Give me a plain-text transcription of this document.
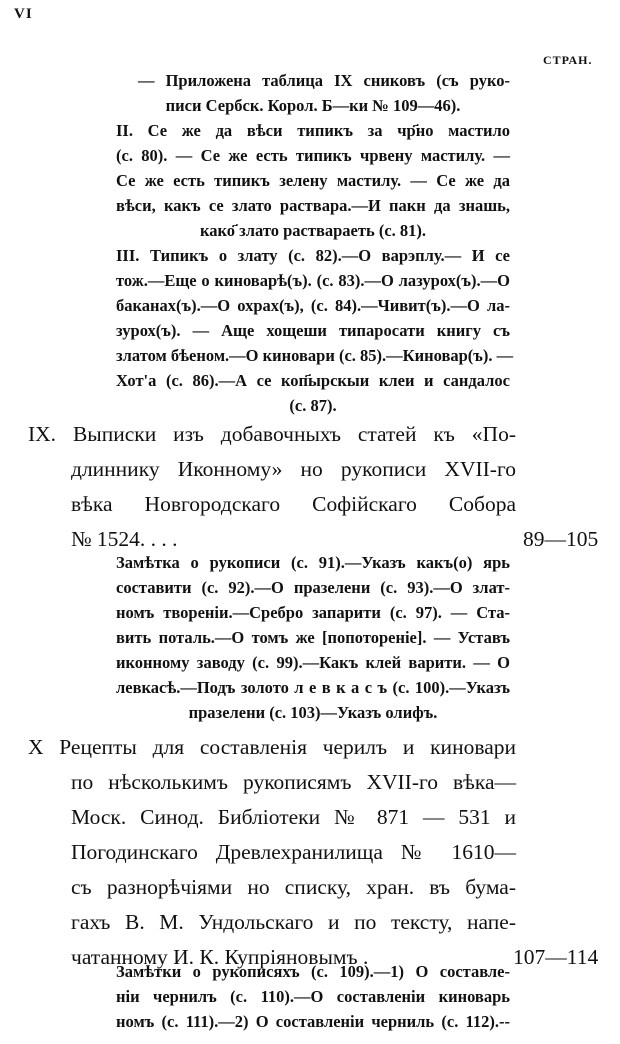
VI
СТРАН.
— Приложена таблица IX сниковъ (съ руко-
писи Сербск. Корол. Б—ки № 109—46).
II. Се же да вѣси типикъ за чр҃но мастило
(с. 80). — Се же есть типикъ чрвену мастилу. —
Се же есть типикъ зелену мастилу. — Се же да
вѣси, какъ се злато раствара.—И пакн да знашь,
како҃ злато раствараеть (с. 81).
III. Типикъ о злату (с. 82).—О варэплу.— И се
тож.—Еще о киноварѣ(ъ). (с. 83).—О лазурох(ъ).—О
баканах(ъ).—О охрах(ъ), (с. 84).—Чивит(ъ).—О ла-
зурох(ъ). — Аще хощеши типаросати книгу съ
златом бѣеном.—О киновари (с. 85).—Киновар(ъ). —
Хот'а (с. 86).—А се коп҃ырскыи клеи и сандалос
(с. 87).
IX. Выписки изъ добавочныхъ статей къ «По-
длиннику Иконному» но рукописи XVII-го
вѣка Новгородскаго Софійскаго Собора
№ 1524. . . .	89—105
Замѣтка о рукописи (с. 91).—Указъ какъ(о) ярь
составити (с. 92).—О празелени (с. 93).—О злат-
номъ твореніи.—Сребро запарити (с. 97). — Ста-
вить поталь.—О томъ же [попотореніе]. — Уставъ
иконному заводу (с. 99).—Какъ клей варити. — О
левкасѣ.—Подъ золото л е в к а с ъ (с. 100).—Указъ
празелени (с. 103)—Указъ олифъ.
X Рецепты для составленія черилъ и киновари
по нѣсколькимъ рукописямъ XVII-го вѣка—
Моск. Синод. Библіотеки № 871 — 531 и
Погодинскаго Древлехранилища № 1610—
съ разнорѣчіями но списку, хран. въ бума-
гахъ В. М. Ундольскаго и по тексту, напе-
чатанному И. К. Купріяновымъ .	107—114
Замѣтки о рукописяхъ (с. 109).—1) О составле-
ніи чернилъ (с. 110).—О составленіи киноварь
номъ (с. 111).—2) О составленіи черниль (с. 112).--
